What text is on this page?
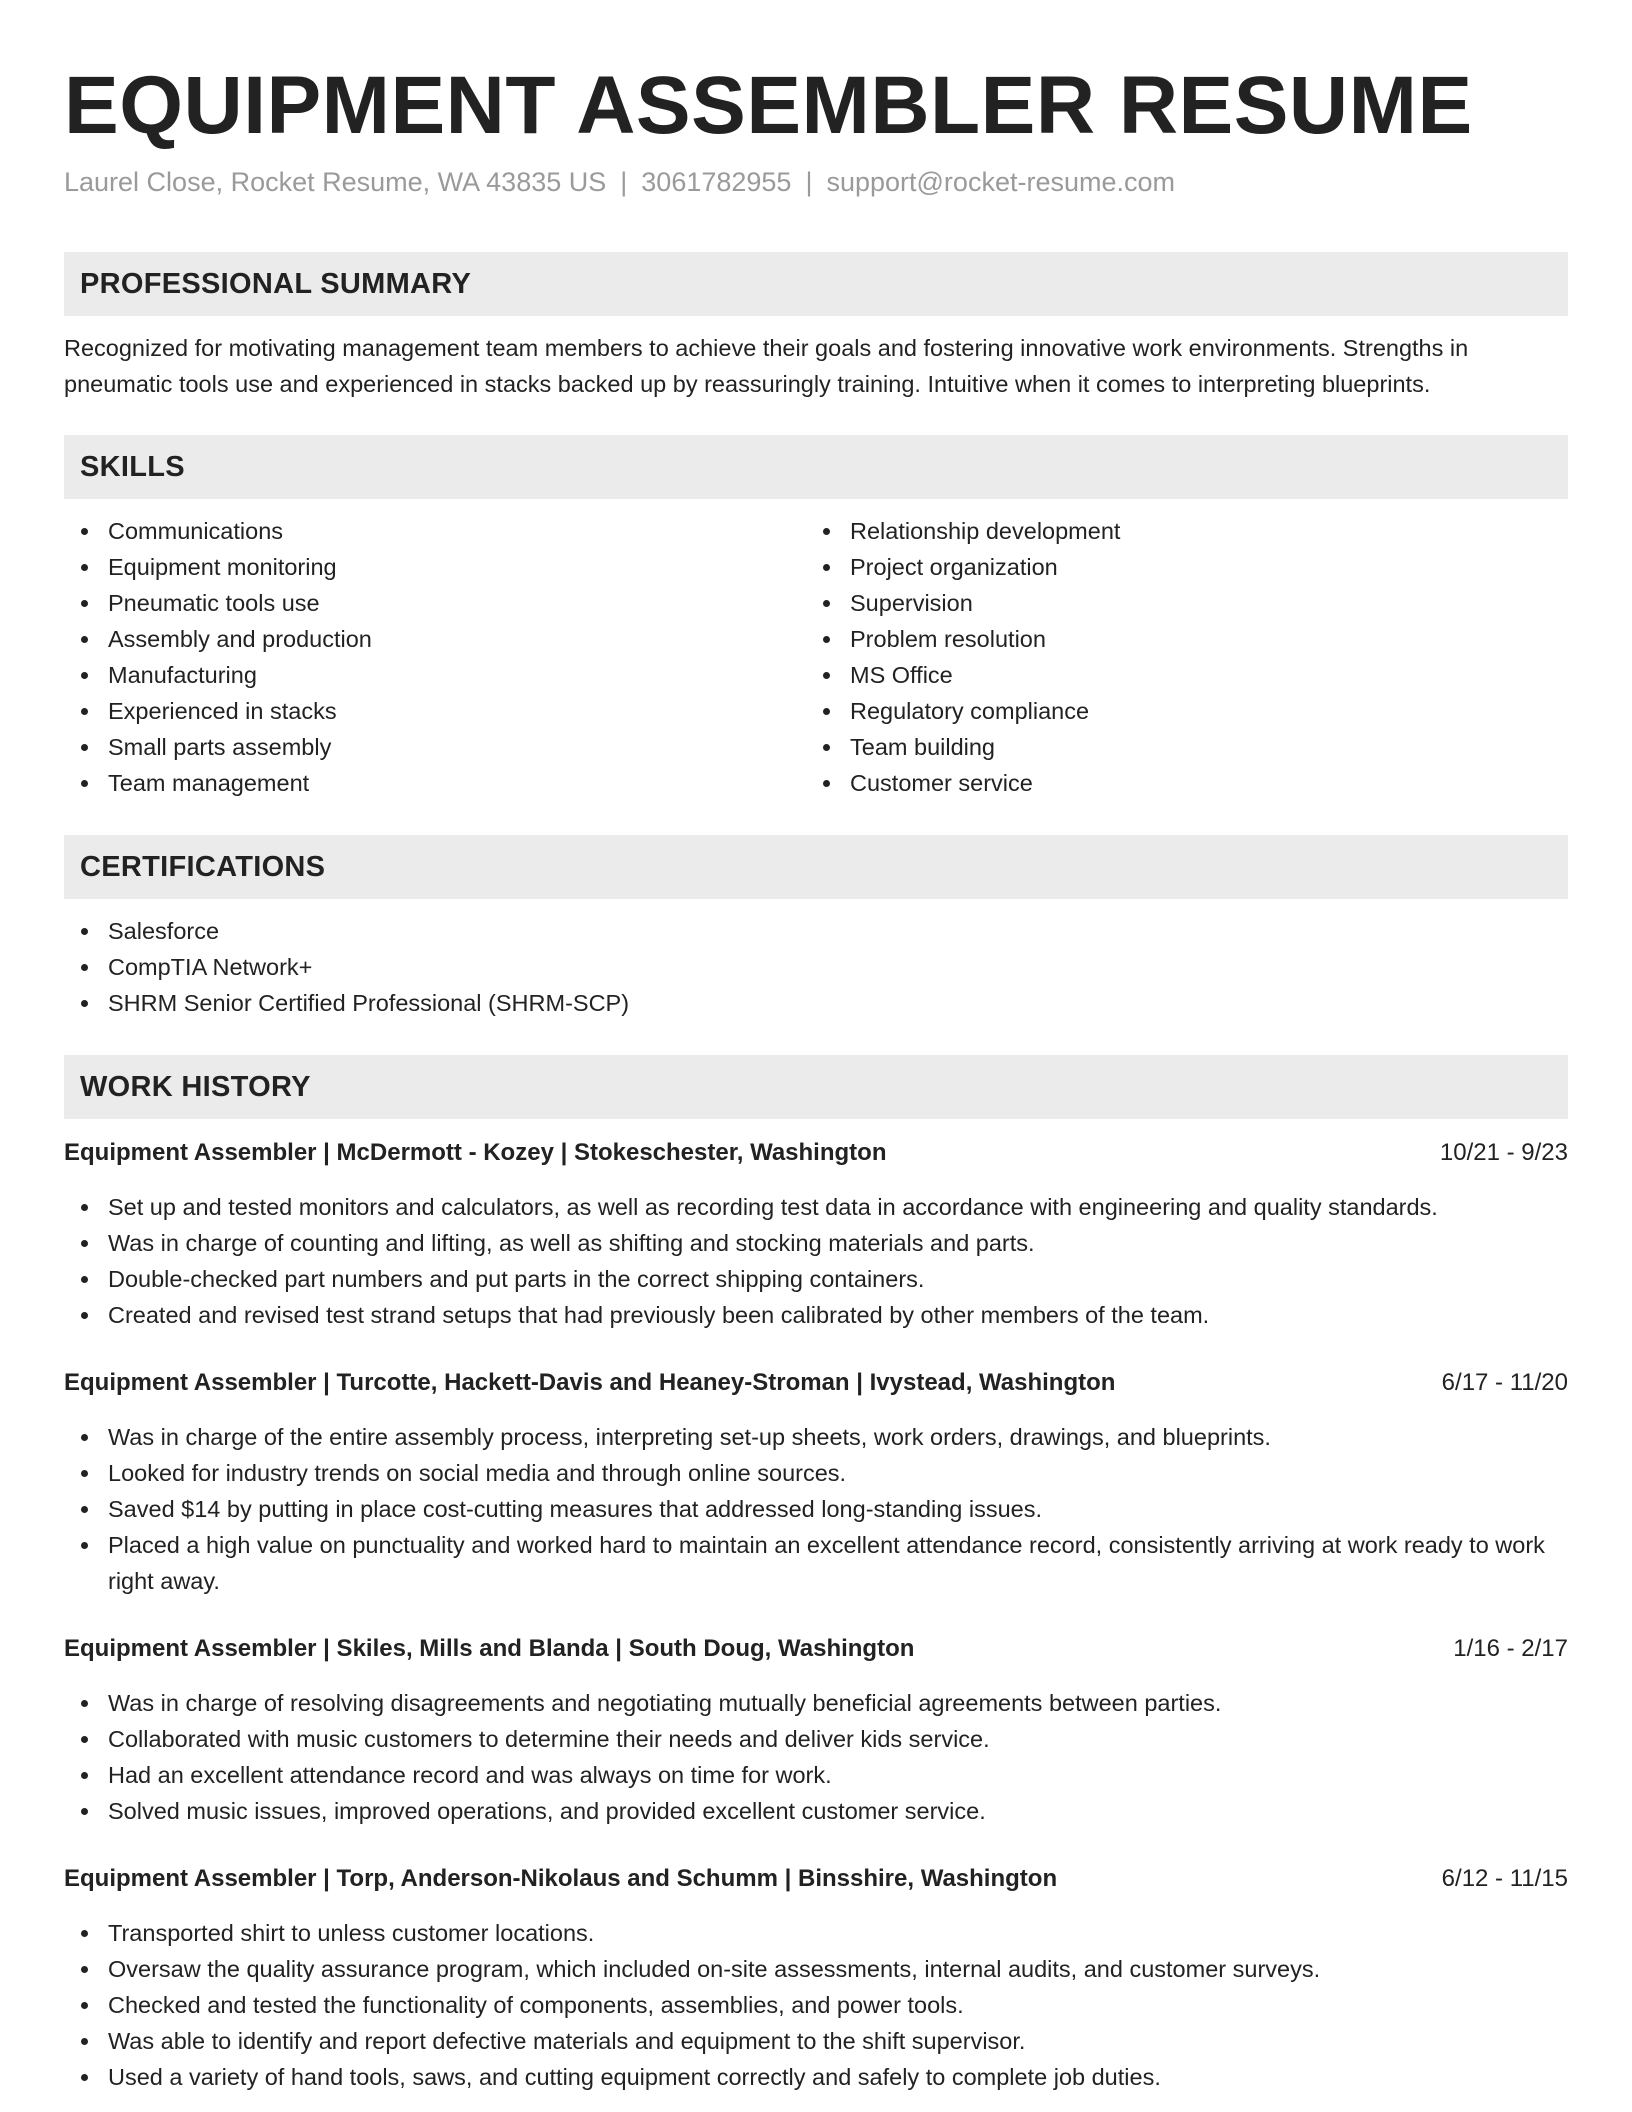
EQUIPMENT ASSEMBLER RESUME
Laurel Close, Rocket Resume, WA 43835 US | 3061782955 | support@rocket-resume.com
PROFESSIONAL SUMMARY

Recognized for motivating management team members to achieve their goals and fostering innovative work environments. Strengths in pneumatic tools use and experienced in stacks backed up by reassuringly training. Intuitive when it comes to interpreting blueprints.

SKILLS
Communications
Equipment monitoring
Pneumatic tools use
Assembly and production
Manufacturing
Experienced in stacks
Small parts assembly
Team management
Relationship development
Project organization
Supervision
Problem resolution
MS Office
Regulatory compliance
Team building
Customer service
CERTIFICATIONS
Salesforce
CompTIA Network+
SHRM Senior Certified Professional (SHRM-SCP)
WORK HISTORY
Equipment Assembler | McDermott - Kozey | Stokeschester, Washington	10/21 - 9/23
Set up and tested monitors and calculators, as well as recording test data in accordance with engineering and quality standards.
Was in charge of counting and lifting, as well as shifting and stocking materials and parts.
Double-checked part numbers and put parts in the correct shipping containers.
Created and revised test strand setups that had previously been calibrated by other members of the team.
Equipment Assembler | Turcotte, Hackett-Davis and Heaney-Stroman | Ivystead, Washington	6/17 - 11/20
Was in charge of the entire assembly process, interpreting set-up sheets, work orders, drawings, and blueprints.
Looked for industry trends on social media and through online sources.
Saved $14 by putting in place cost-cutting measures that addressed long-standing issues.
Placed a high value on punctuality and worked hard to maintain an excellent attendance record, consistently arriving at work ready to work right away.
Equipment Assembler | Skiles, Mills and Blanda | South Doug, Washington	1/16 - 2/17
Was in charge of resolving disagreements and negotiating mutually beneficial agreements between parties.
Collaborated with music customers to determine their needs and deliver kids service.
Had an excellent attendance record and was always on time for work.
Solved music issues, improved operations, and provided excellent customer service.
Equipment Assembler | Torp, Anderson-Nikolaus and Schumm | Binsshire, Washington	6/12 - 11/15
Transported shirt to unless customer locations.
Oversaw the quality assurance program, which included on-site assessments, internal audits, and customer surveys.
Checked and tested the functionality of components, assemblies, and power tools.
Was able to identify and report defective materials and equipment to the shift supervisor.
Used a variety of hand tools, saws, and cutting equipment correctly and safely to complete job duties.
